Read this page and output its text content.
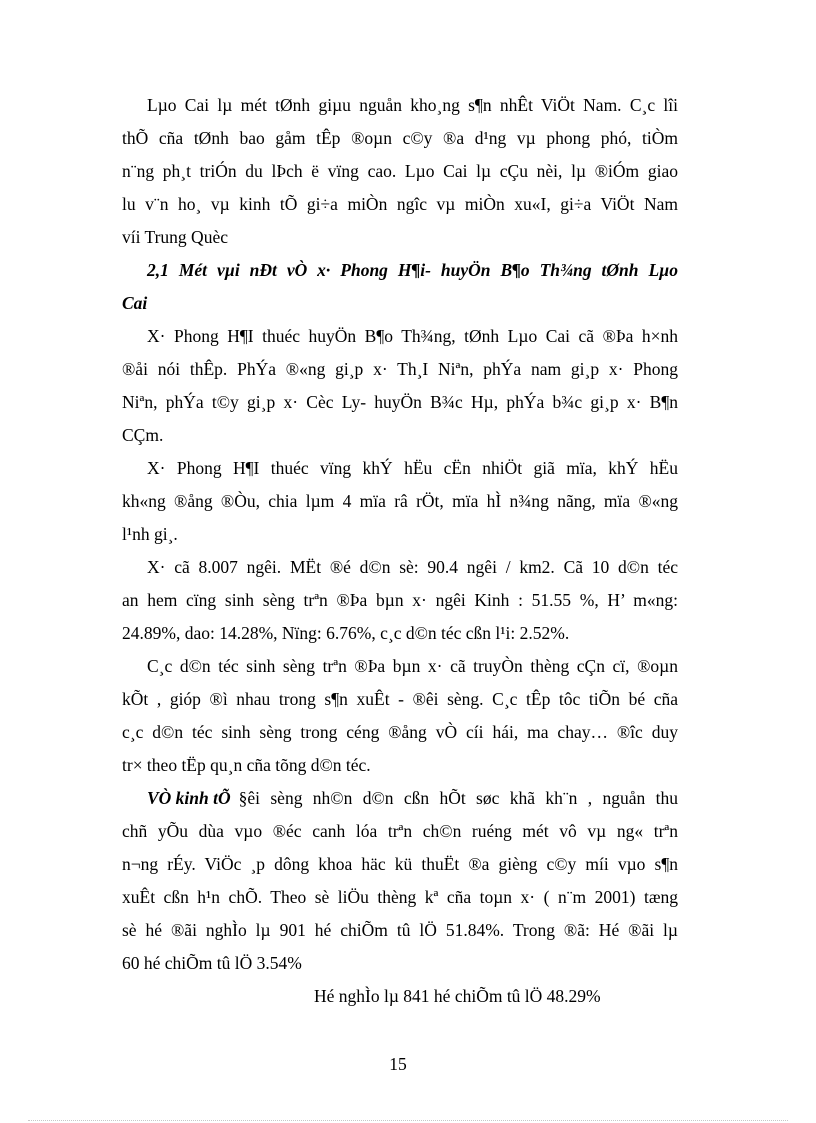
Lµo Cai lµ mét tØnh giµu nguån kho¸ng s¶n nhÊt ViÖt Nam. C¸c lîi
thÕ cña tØnh bao gåm tÊp ®oµn c©y ®a d¹ng vµ phong phó, tiÒm
n¨ng ph¸t triÓn du lÞch ë vïng cao. Lµo Cai lµ cÇu nèi, lµ ®iÓm giao
lu v¨n ho¸ vµ kinh tÕ gi÷a miÒn ngîc vµ miÒn xu«I, gi÷a ViÖt Nam
víi Trung Quèc
2,1 Mét vµi nÐt vÒ x· Phong H¶i- huyÖn B¶o Th¾ng tØnh Lµo
Cai
X· Phong H¶I thuéc huyÖn B¶o Th¾ng, tØnh Lµo Cai cã ®Þa h×nh
®åi nói thÊp. PhÝa ®«ng gi¸p x· Th¸I Niªn, phÝa nam gi¸p x· Phong
Niªn, phÝa t©y gi¸p x· Cèc Ly- huyÖn B¾c Hµ, phÝa b¾c gi¸p x· B¶n
CÇm.
X· Phong H¶I thuéc vïng khÝ hËu cËn nhiÖt giã mïa, khÝ hËu
kh«ng ®ång ®Òu, chia lµm 4 mïa râ rÖt, mïa hÌ n¾ng nãng, mïa ®«ng
l¹nh gi¸.
X· cã 8.007 ngêi. MËt ®é d©n sè: 90.4 ngêi / km2. Cã 10 d©n téc
an hem cïng sinh sèng trªn ®Þa bµn x· ngêi Kinh : 51.55 %, H’ m«ng:
24.89%, dao: 14.28%, Nïng: 6.76%, c¸c d©n téc cßn l¹i: 2.52%.
C¸c d©n téc sinh sèng trªn ®Þa bµn x· cã truyÒn thèng cÇn cï, ®oµn
kÕt , gióp ®ì nhau trong s¶n xuÊt - ®êi sèng. C¸c tÊp tôc tiÕn bé cña
c¸c d©n téc sinh sèng trong céng ®ång vÒ cíi hái, ma chay… ®îc duy
tr× theo tËp qu¸n cña tõng d©n téc.
VÒ kinh tÕ §êi sèng nh©n d©n cßn hÕt søc khã kh¨n , nguån thu
chñ yÕu dùa vµo ®éc canh lóa trªn ch©n ruéng mét vô vµ ng« trªn
n¬ng rÉy. ViÖc ¸p dông khoa häc kü thuËt ®a gièng c©y míi vµo s¶n
xuÊt cßn h¹n chÕ. Theo sè liÖu thèng kª cña toµn x· ( n¨m 2001) tæng
sè hé ®ãi nghÌo lµ 901 hé chiÕm tû lÖ 51.84%. Trong ®ã: Hé ®ãi lµ
60 hé chiÕm tû lÖ 3.54%
Hé nghÌo lµ 841 hé chiÕm tû lÖ 48.29%
15
